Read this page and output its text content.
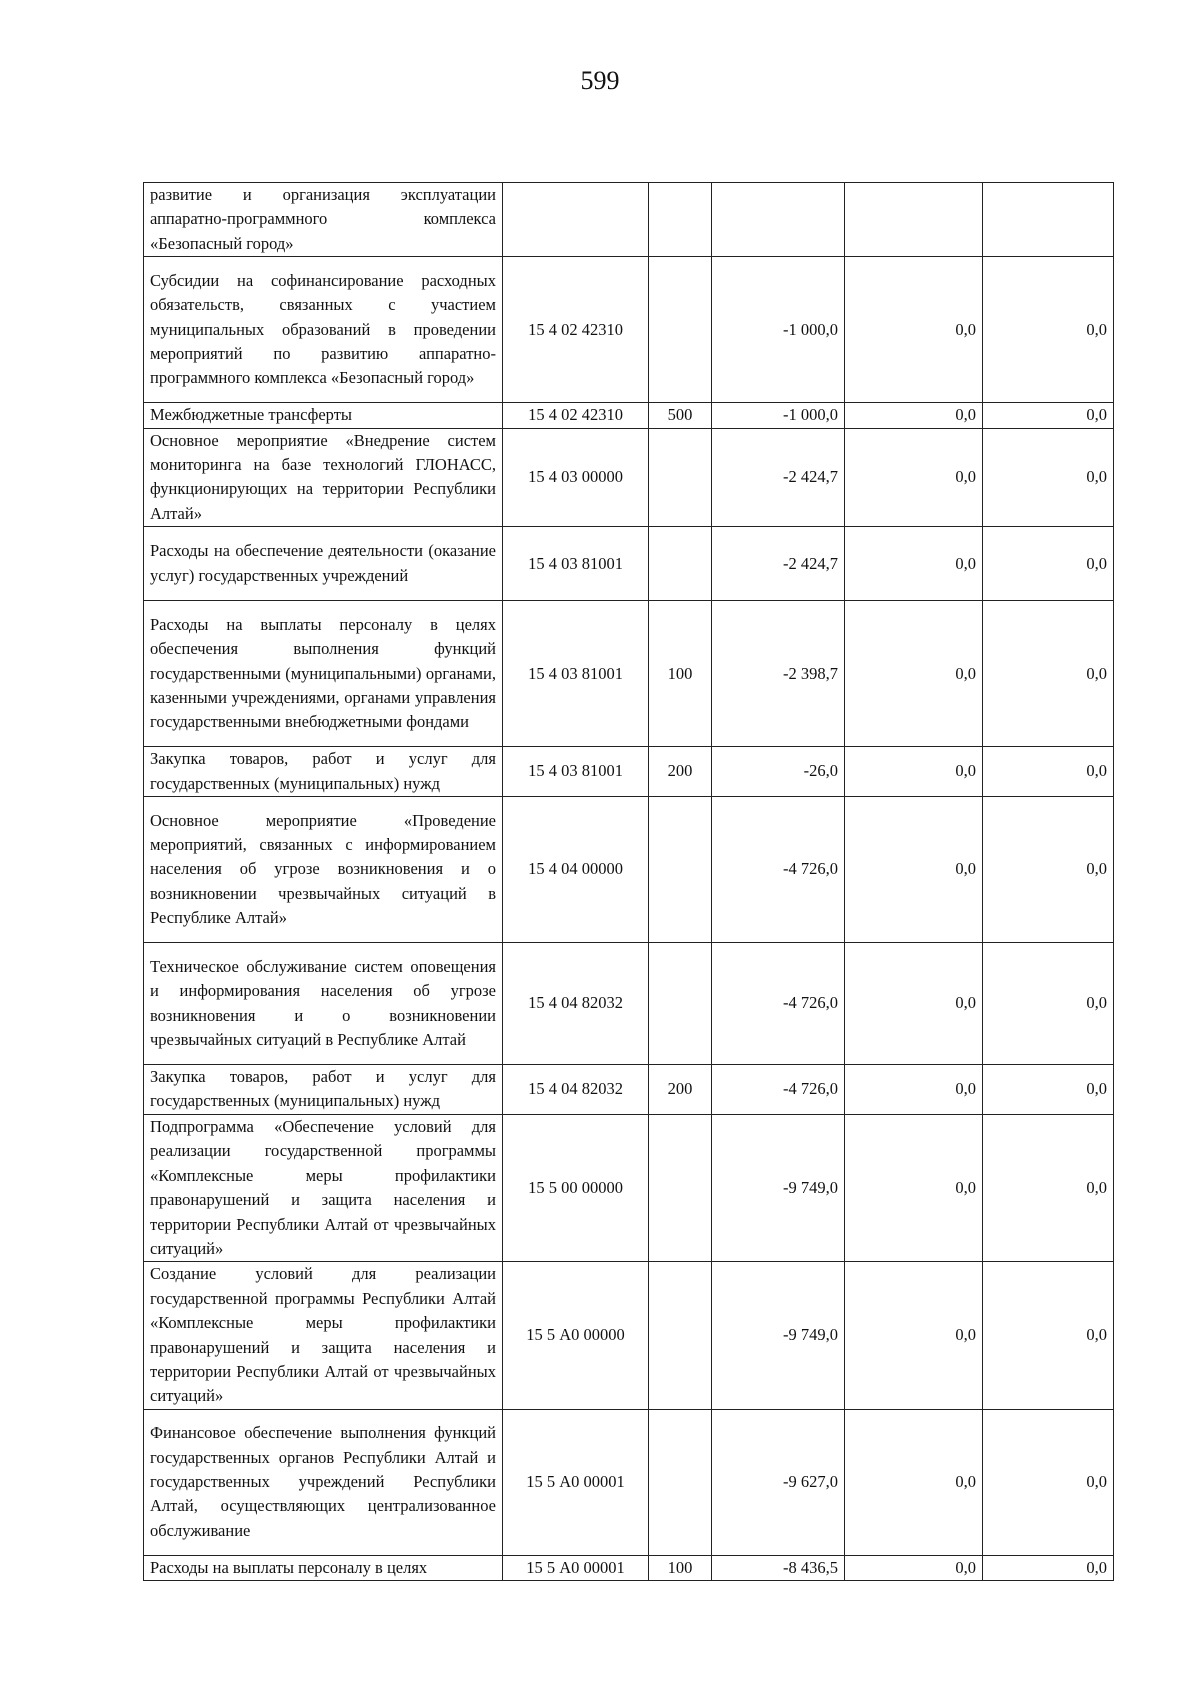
599
развитие и организация эксплуатации аппаратно-программного комплекса «Безопасный город»					
Субсидии на софинансирование расходных обязательств, связанных с участием муниципальных образований в проведении мероприятий по развитию аппаратно-программного комплекса «Безопасный город»	15 4 02 42310		-1 000,0	0,0	0,0
Межбюджетные трансферты	15 4 02 42310	500	-1 000,0	0,0	0,0
Основное мероприятие «Внедрение систем мониторинга на базе технологий ГЛОНАСС, функционирующих на территории Республики Алтай»	15 4 03 00000		-2 424,7	0,0	0,0
Расходы на обеспечение деятельности (оказание услуг) государственных учреждений	15 4 03 81001		-2 424,7	0,0	0,0
Расходы на выплаты персоналу в целях обеспечения выполнения функций государственными (муниципальными) органами, казенными учреждениями, органами управления государственными внебюджетными фондами	15 4 03 81001	100	-2 398,7	0,0	0,0
Закупка товаров, работ и услуг для государственных (муниципальных) нужд	15 4 03 81001	200	-26,0	0,0	0,0
Основное мероприятие «Проведение мероприятий, связанных с информированием населения об угрозе возникновения и о возникновении чрезвычайных ситуаций в Республике Алтай»	15 4 04 00000		-4 726,0	0,0	0,0
Техническое обслуживание систем оповещения и информирования населения об угрозе возникновения и о возникновении чрезвычайных ситуаций в Республике Алтай	15 4 04 82032		-4 726,0	0,0	0,0
Закупка товаров, работ и услуг для государственных (муниципальных) нужд	15 4 04 82032	200	-4 726,0	0,0	0,0
Подпрограмма «Обеспечение условий для реализации государственной программы «Комплексные меры профилактики правонарушений и защита населения и территории Республики Алтай от чрезвычайных ситуаций»	15 5 00 00000		-9 749,0	0,0	0,0
Создание условий для реализации государственной программы Республики Алтай «Комплексные меры профилактики правонарушений и защита населения и территории Республики Алтай от чрезвычайных ситуаций»	15 5 А0 00000		-9 749,0	0,0	0,0
Финансовое обеспечение выполнения функций государственных органов Республики Алтай и государственных учреждений Республики Алтай, осуществляющих централизованное обслуживание	15 5 А0 00001		-9 627,0	0,0	0,0
Расходы на выплаты персоналу в целях	15 5 А0 00001	100	-8 436,5	0,0	0,0
